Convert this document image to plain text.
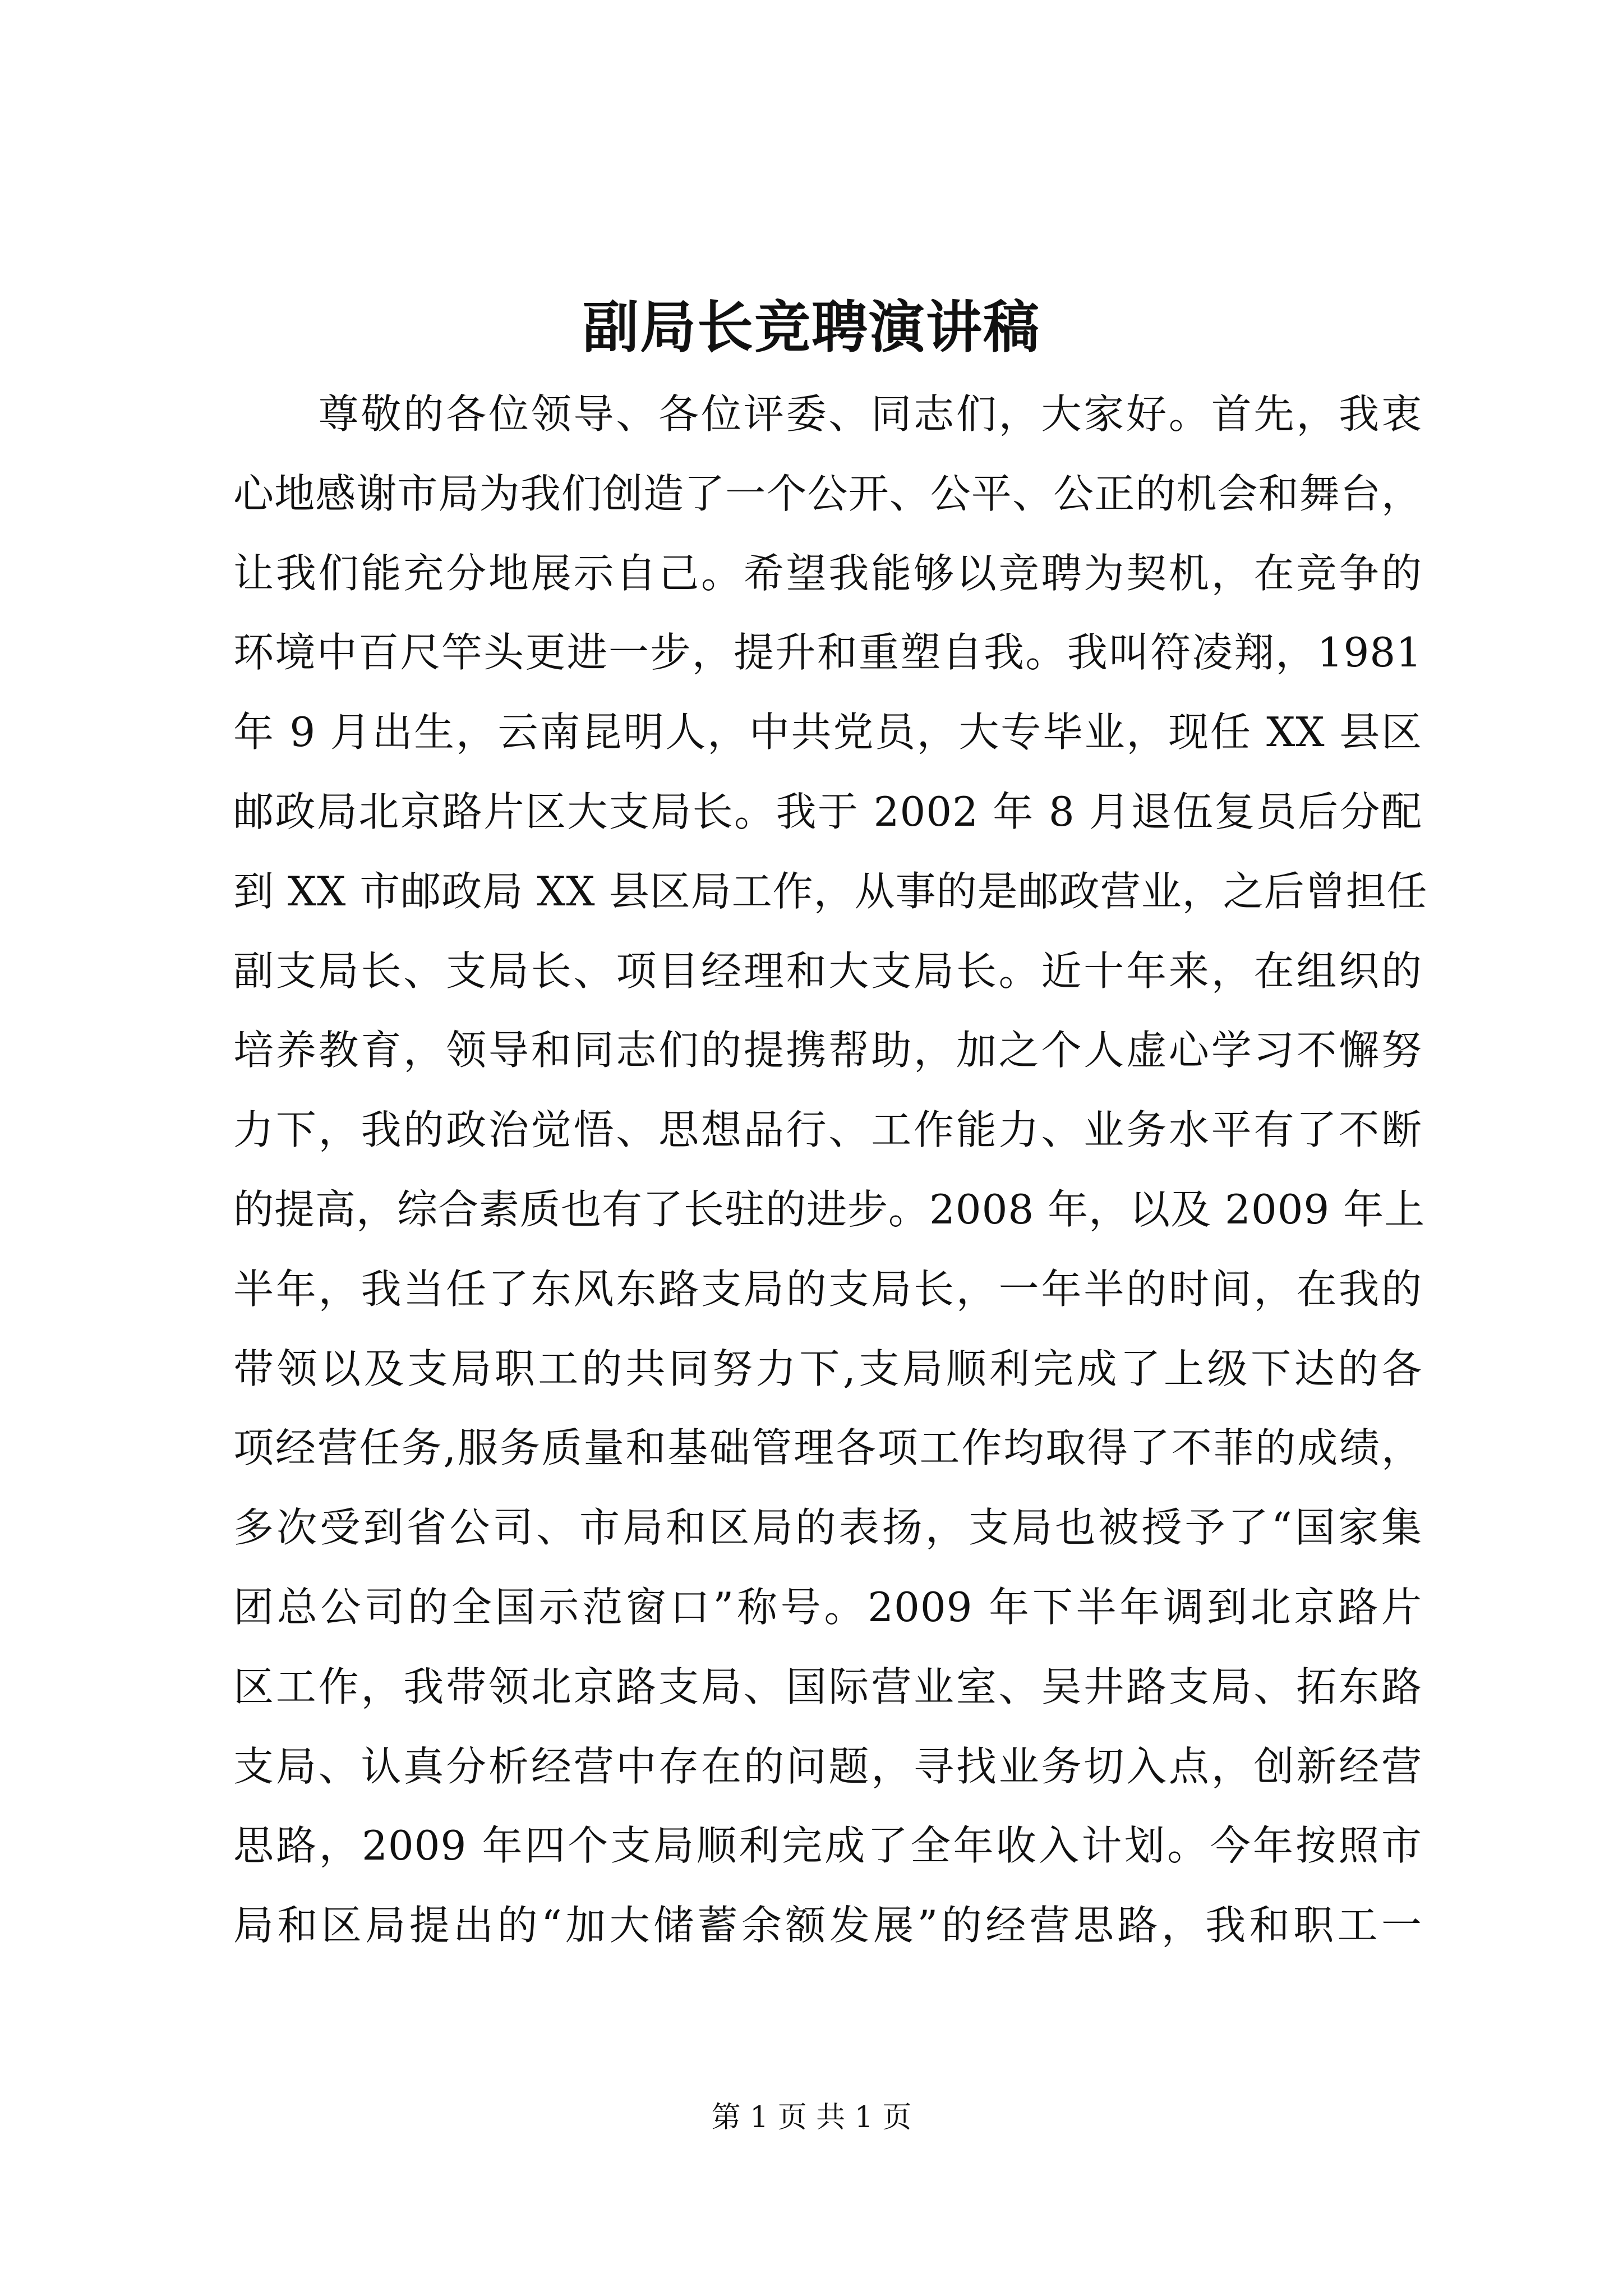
副局长竞聘演讲稿
　　尊敬的各位领导、各位评委、同志们，大家好。首先，我衷
心地感谢市局为我们创造了一个公开、公平、公正的机会和舞台，
让我们能充分地展示自己。希望我能够以竞聘为契机，在竞争的
环境中百尺竿头更进一步，提升和重塑自我。我叫符凌翔，1981
年 9 月出生，云南昆明人，中共党员，大专毕业，现任 XX 县区
邮政局北京路片区大支局长。我于 2002 年 8 月退伍复员后分配
到 XX 市邮政局 XX 县区局工作，从事的是邮政营业，之后曾担任
副支局长、支局长、项目经理和大支局长。近十年来，在组织的
培养教育，领导和同志们的提携帮助，加之个人虚心学习不懈努
力下，我的政治觉悟、思想品行、工作能力、业务水平有了不断
的提高，综合素质也有了长驻的进步。2008 年，以及 2009 年上
半年，我当任了东风东路支局的支局长，一年半的时间，在我的
带领以及支局职工的共同努力下,支局顺利完成了上级下达的各
项经营任务,服务质量和基础管理各项工作均取得了不菲的成绩，
多次受到省公司、市局和区局的表扬，支局也被授予了“国家集
团总公司的全国示范窗口”称号。2009 年下半年调到北京路片
区工作，我带领北京路支局、国际营业室、吴井路支局、拓东路
支局、认真分析经营中存在的问题，寻找业务切入点，创新经营
思路，2009 年四个支局顺利完成了全年收入计划。今年按照市
局和区局提出的“加大储蓄余额发展”的经营思路，我和职工一
第 1 页 共 1 页
